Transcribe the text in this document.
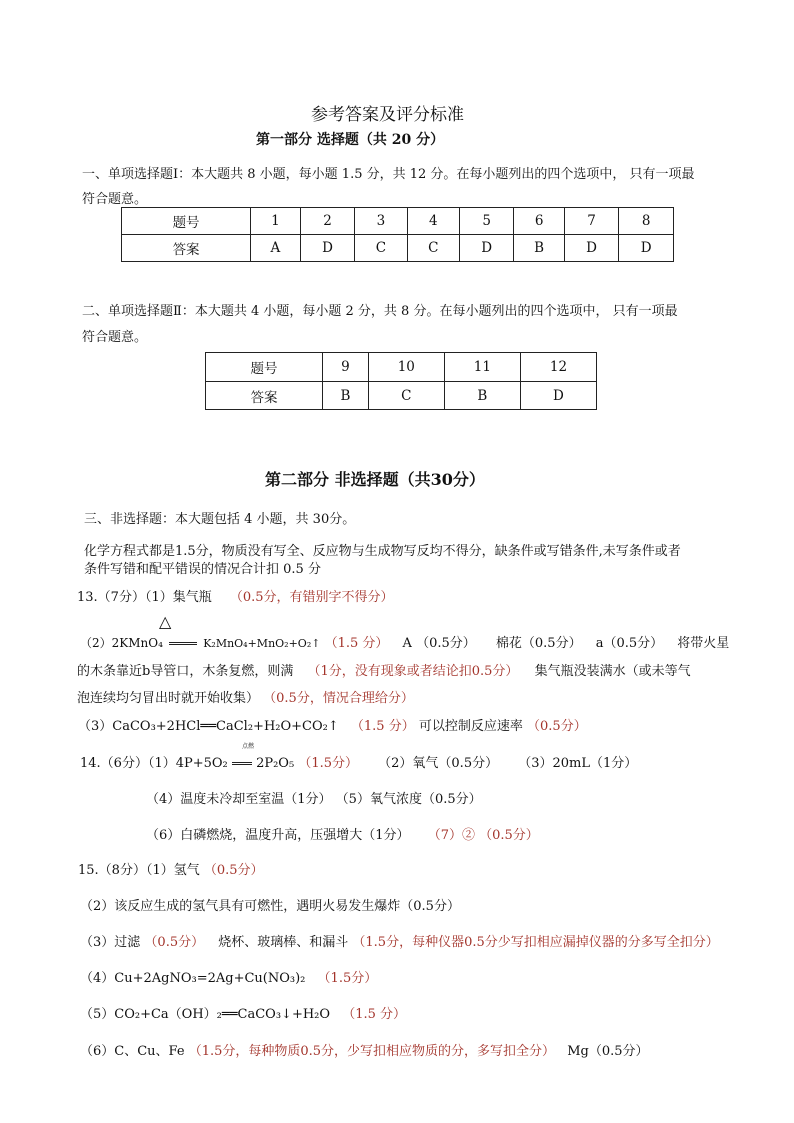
参考答案及评分标准
第一部分 选择题（共 20 分）
一、单项选择题Ⅰ：本大题共 8 小题，每小题 1.5 分，共 12 分。在每小题列出的四个选项中， 只有一项最
符合题意。
题号	1	2	3	4	5	6	7	8
答案	A	D	C	C	D	B	D	D
二、单项选择题Ⅱ：本大题共 4 小题，每小题 2 分，共 8 分。在每小题列出的四个选项中， 只有一项最
符合题意。
题号	9	10	11	12
答案	B	C	B	D
第二部分 非选择题（共30分）
三、非选择题：本大题包括 4 小题，共 30分。
化学方程式都是1.5分，物质没有写全、反应物与生成物写反均不得分，缺条件或写错条件,未写条件或者
条件写错和配平错误的情况合计扣 0.5 分
13.（7分）（1）集气瓶 （0.5分，有错别字不得分）
△
（2）2KMnO₄	K₂MnO₄+MnO₂+O₂↑ （1.5 分） A （0.5分） 棉花（0.5分） a（0.5分） 将带火星
的木条靠近b导管口，木条复燃，则满 （1分，没有现象或者结论扣0.5分） 集气瓶没装满水（或未等气
泡连续均匀冒出时就开始收集） （0.5分，情况合理给分）
（3）CaCO₃+2HCl══CaCl₂+H₂O+CO₂↑ （1.5 分） 可以控制反应速率 （0.5分）
点燃
14.（6分）（1）4P+5O₂ 2P₂O₅ （1.5分） （2）氧气（0.5分） （3）20mL（1分）
（4）温度未冷却至室温（1分） （5）氧气浓度（0.5分）
（6）白磷燃烧，温度升高，压强增大（1分） （7）② （0.5分）
15.（8分）（1）氢气 （0.5分）
（2）该反应生成的氢气具有可燃性，遇明火易发生爆炸（0.5分）
（3）过滤 （0.5分） 烧杯、玻璃棒、和漏斗 （1.5分，每种仪器0.5分少写扣相应漏掉仪器的分多写全扣分）
（4）Cu+2AgNO₃=2Ag+Cu(NO₃)₂ （1.5分）
（5）CO₂+Ca（OH）₂══CaCO₃↓+H₂O （1.5 分）
（6）C、Cu、Fe （1.5分，每种物质0.5分，少写扣相应物质的分，多写扣全分） Mg（0.5分）
